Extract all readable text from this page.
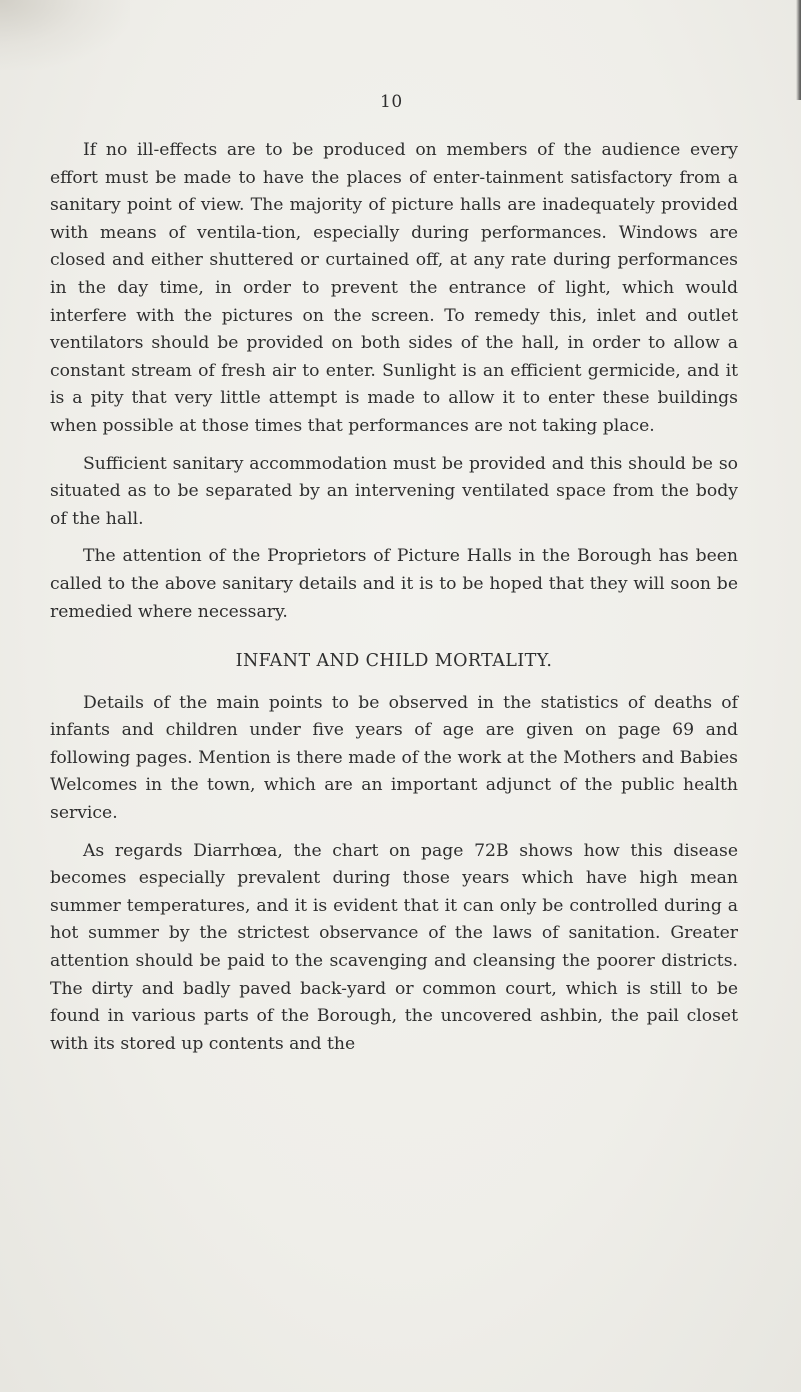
10

If no ill-effects are to be produced on members of the audience every effort must be made to have the places of enter-tainment satisfactory from a sanitary point of view. The majority of picture halls are inadequately provided with means of ventila-tion, especially during performances. Windows are closed and either shuttered or curtained off, at any rate during performances in the day time, in order to prevent the entrance of light, which would interfere with the pictures on the screen. To remedy this, inlet and outlet ventilators should be provided on both sides of the hall, in order to allow a constant stream of fresh air to enter. Sunlight is an efficient germicide, and it is a pity that very little attempt is made to allow it to enter these buildings when possible at those times that performances are not taking place.

Sufficient sanitary accommodation must be provided and this should be so situated as to be separated by an intervening ventilated space from the body of the hall.

The attention of the Proprietors of Picture Halls in the Borough has been called to the above sanitary details and it is to be hoped that they will soon be remedied where necessary.

INFANT AND CHILD MORTALITY.

Details of the main points to be observed in the statistics of deaths of infants and children under five years of age are given on page 69 and following pages. Mention is there made of the work at the Mothers and Babies Welcomes in the town, which are an important adjunct of the public health service.

As regards Diarrhœa, the chart on page 72B shows how this disease becomes especially prevalent during those years which have high mean summer temperatures, and it is evident that it can only be controlled during a hot summer by the strictest observance of the laws of sanitation. Greater attention should be paid to the scavenging and cleansing the poorer districts. The dirty and badly paved back-yard or common court, which is still to be found in various parts of the Borough, the uncovered ashbin, the pail closet with its stored up contents and the
